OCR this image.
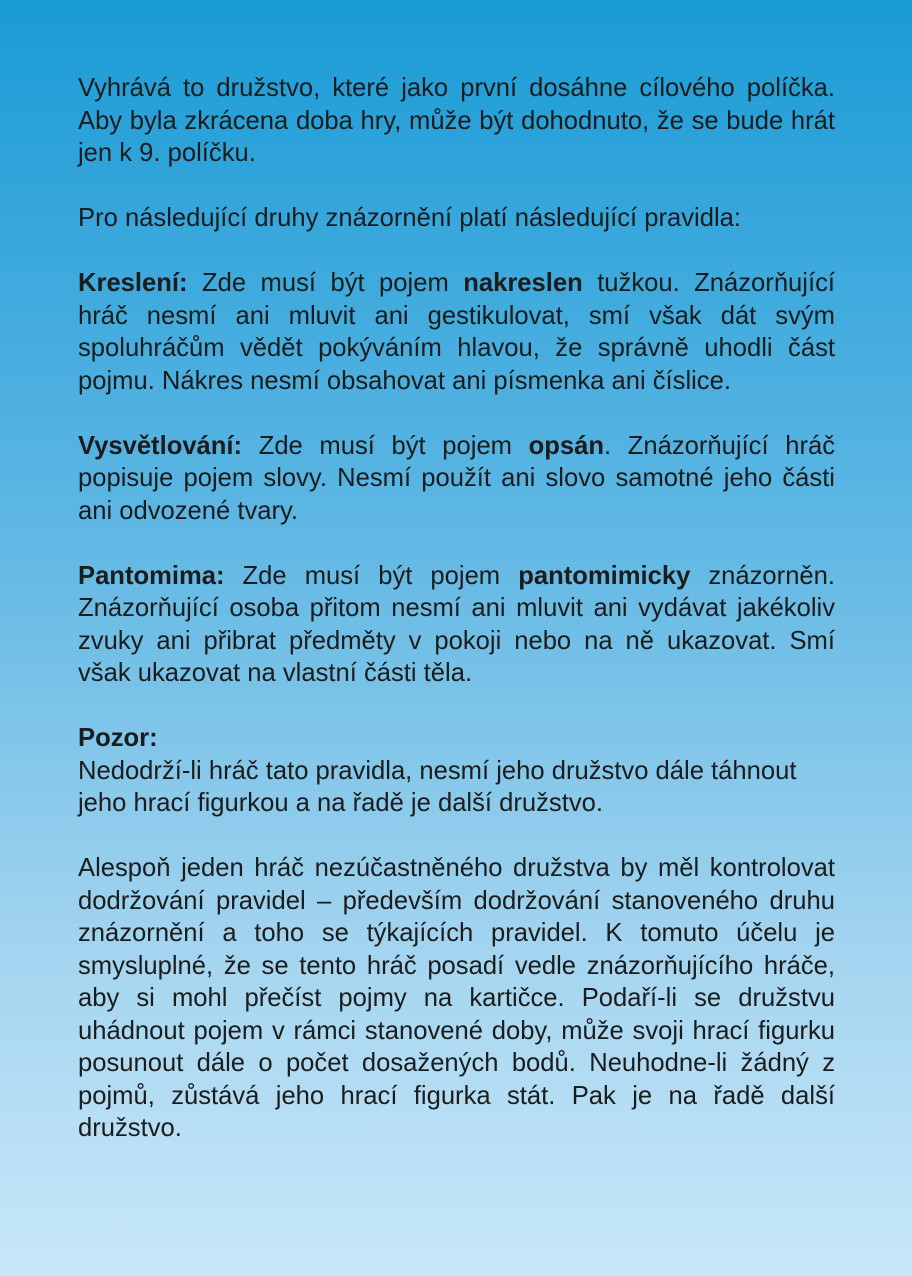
Vyhrává to družstvo, které jako první dosáhne cílového políčka. Aby byla zkrácena doba hry, může být dohodnuto, že se bude hrát jen k 9. políčku.

Pro následující druhy znázornění platí následující pravidla:

Kreslení: Zde musí být pojem nakreslen tužkou. Znázorňující hráč nesmí ani mluvit ani gestikulovat, smí však dát svým spoluhráčům vědět pokýváním hlavou, že správně uhodli část pojmu. Nákres nesmí obsahovat ani písmenka ani číslice.

Vysvětlování: Zde musí být pojem opsán. Znázorňující hráč popisuje pojem slovy. Nesmí použít ani slovo samotné jeho části ani odvozené tvary.

Pantomima: Zde musí být pojem pantomimicky znázorněn. Znázorňující osoba přitom nesmí ani mluvit ani vydávat jakékoliv zvuky ani přibrat předměty v pokoji nebo na ně ukazovat. Smí však ukazovat na vlastní části těla.

Pozor:
Nedodrží-li hráč tato pravidla, nesmí jeho družstvo dále táhnout jeho hrací figurkou a na řadě je další družstvo.

Alespoň jeden hráč nezúčastněného družstva by měl kontrolovat dodržování pravidel – především dodržování stanoveného druhu znázornění a toho se týkajících pravidel. K tomuto účelu je smysluplné, že se tento hráč posadí vedle znázorňujícího hráče, aby si mohl přečíst pojmy na kartičce. Podaří-li se družstvu uhádnout pojem v rámci stanovené doby, může svoji hrací figurku posunout dále o počet dosažených bodů. Neuhodne-li žádný z pojmů, zůstává jeho hrací figurka stát. Pak je na řadě další družstvo.
